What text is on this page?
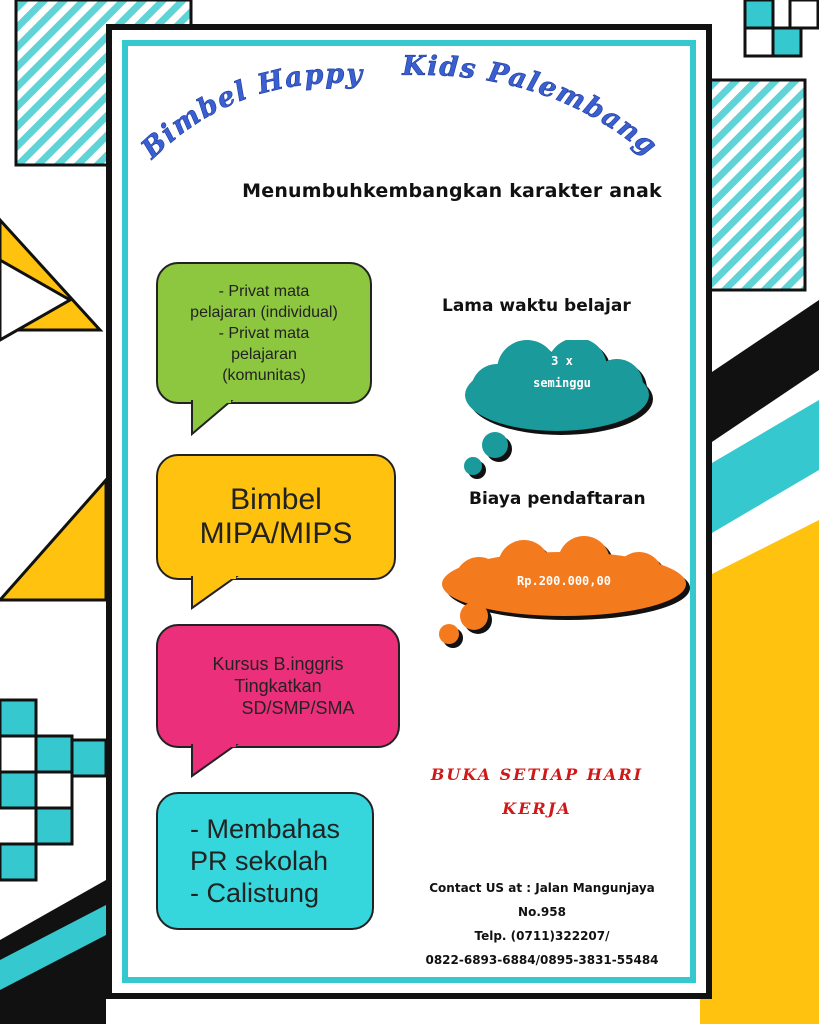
Bimbel Happy Kids Palembang
Menumbuhkembangkan karakter anak
- Privat mata
pelajaran (individual)
- Privat mata
pelajaran
(komunitas)
Bimbel
MIPA/MIPS
Kursus B.inggris
Tingkatkan
SD/SMP/SMA
- Membahas
PR sekolah
- Calistung
Lama waktu belajar
3 x
seminggu
Biaya pendaftaran
Rp.200.000,00
BUKA SETIAP HARI
KERJA
Contact US at : Jalan Mangunjaya
No.958
Telp. (0711)322207/
0822-6893-6884/0895-3831-55484
